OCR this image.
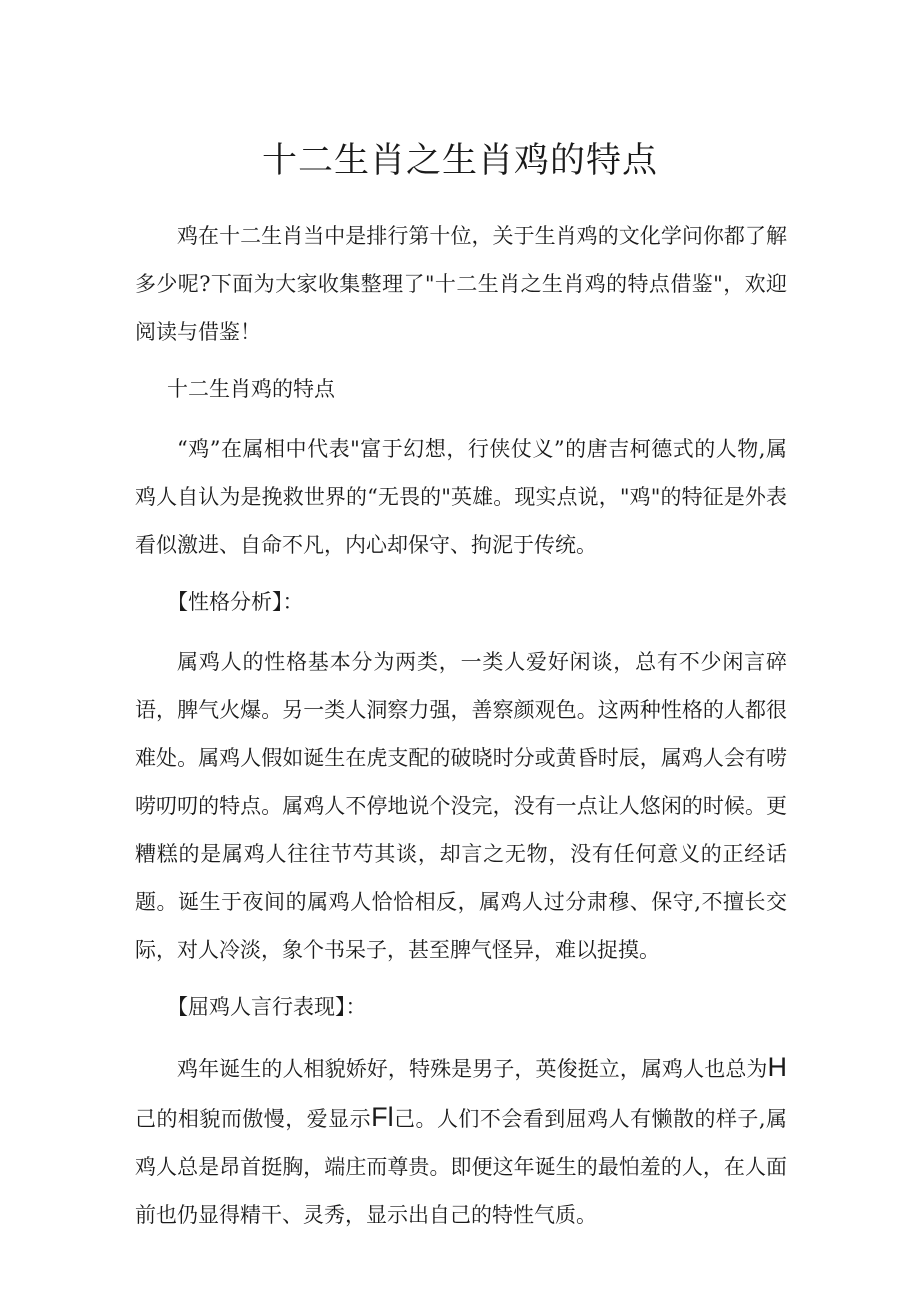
十二生肖之生肖鸡的特点

鸡在十二生肖当中是排行第十位，关于生肖鸡的文化学问你都了解多少呢?下面为大家收集整理了"十二生肖之生肖鸡的特点借鉴"，欢迎阅读与借鉴！

十二生肖鸡的特点

“鸡”在属相中代表"富于幻想，行侠仗义”的唐吉柯德式的人物,属鸡人自认为是挽救世界的“无畏的"英雄。现实点说，"鸡"的特征是外表看似激进、自命不凡，内心却保守、拘泥于传统。

【性格分析】：

属鸡人的性格基本分为两类，一类人爱好闲谈，总有不少闲言碎语，脾气火爆。另一类人洞察力强，善察颜观色。这两种性格的人都很难处。属鸡人假如诞生在虎支配的破晓时分或黄昏时辰，属鸡人会有唠唠叨叨的特点。属鸡人不停地说个没完，没有一点让人悠闲的时候。更糟糕的是属鸡人往往节芍其谈，却言之无物，没有任何意义的正经话题。诞生于夜间的属鸡人恰恰相反，属鸡人过分肃穆、保守,不擅长交际，对人冷淡，象个书呆子，甚至脾气怪异，难以捉摸。

【屈鸡人言行表现】：

鸡年诞生的人相貌娇好，特殊是男子，英俊挺立，属鸡人也总为H己的相貌而傲慢，爱显示Fl己。人们不会看到屈鸡人有懒散的样子,属鸡人总是昂首挺胸，端庄而尊贵。即便这年诞生的最怕羞的人，在人面前也仍显得精干、灵秀，显示出自己的特性气质。
